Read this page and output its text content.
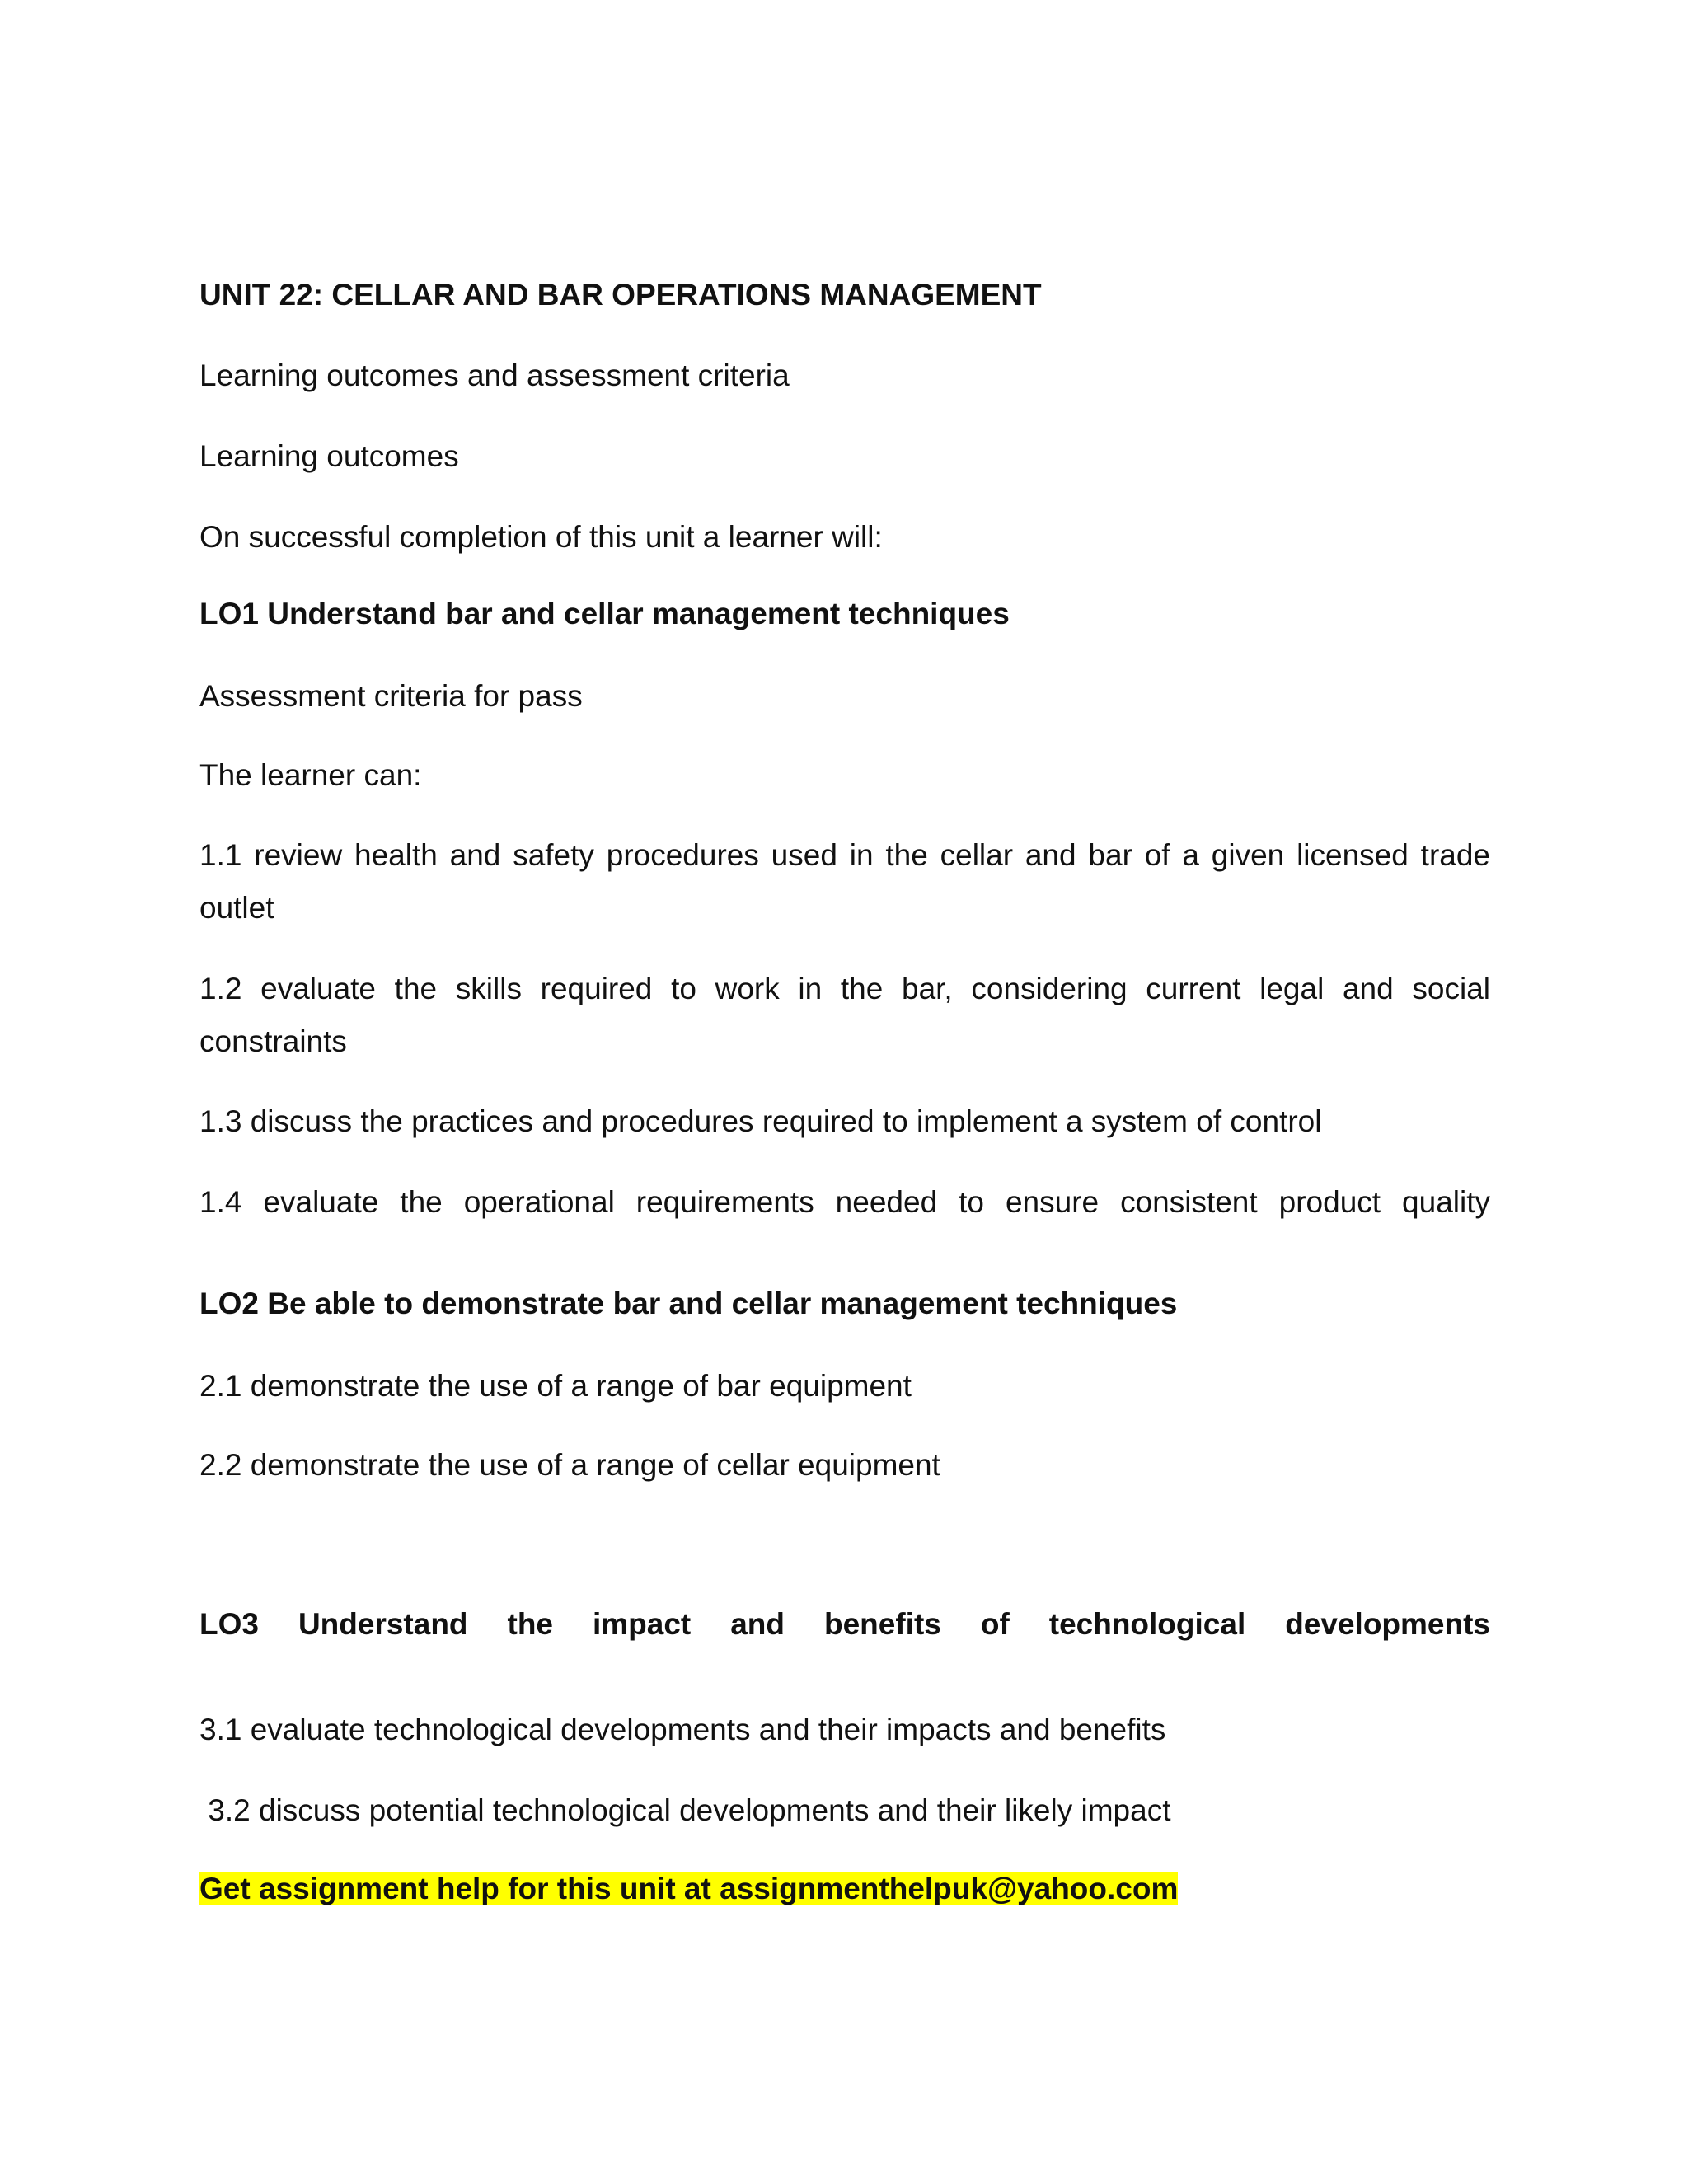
UNIT 22: CELLAR AND BAR OPERATIONS MANAGEMENT
Learning outcomes and assessment criteria
Learning outcomes
On successful completion of this unit a learner will:
LO1 Understand bar and cellar management techniques
Assessment criteria for pass
The learner can:
1.1 review health and safety procedures used in the cellar and bar of a given licensed trade
outlet
1.2 evaluate the skills required to work in the bar, considering current legal and social
constraints
1.3 discuss the practices and procedures required to implement a system of control
1.4 evaluate the operational requirements needed to ensure consistent product quality
LO2 Be able to demonstrate bar and cellar management techniques
2.1 demonstrate the use of a range of bar equipment
2.2 demonstrate the use of a range of cellar equipment
LO3 Understand the impact and benefits of technological developments
3.1 evaluate technological developments and their impacts and benefits
3.2 discuss potential technological developments and their likely impact
Get assignment help for this unit at assignmenthelpuk@yahoo.com
